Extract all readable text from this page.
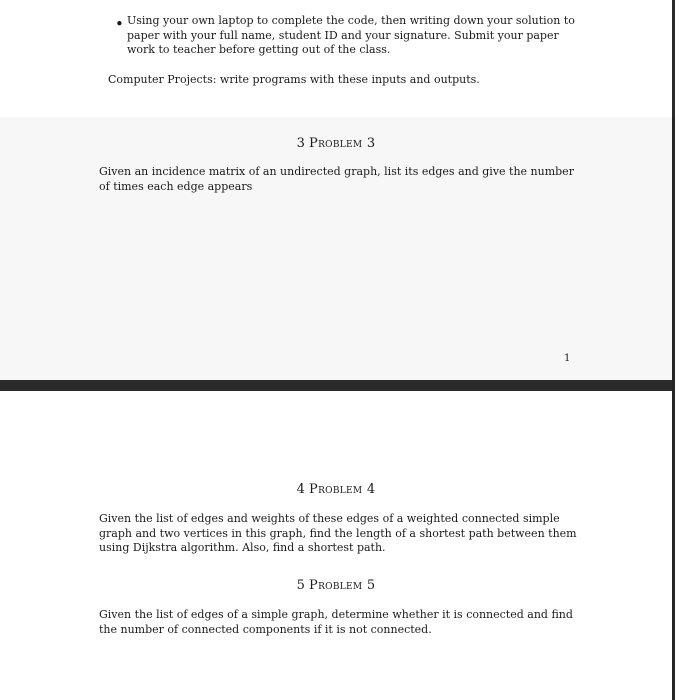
• Using your own laptop to complete the code, then writing down your solution to paper with your full name, student ID and your signature. Submit your paper work to teacher before getting out of the class.
Computer Projects: write programs with these inputs and outputs.
3 Problem 3
Given an incidence matrix of an undirected graph, list its edges and give the number of times each edge appears
1
4 Problem 4
Given the list of edges and weights of these edges of a weighted connected simple graph and two vertices in this graph, find the length of a shortest path between them using Dijkstra algorithm. Also, find a shortest path.
5 Problem 5
Given the list of edges of a simple graph, determine whether it is connected and find the number of connected components if it is not connected.
